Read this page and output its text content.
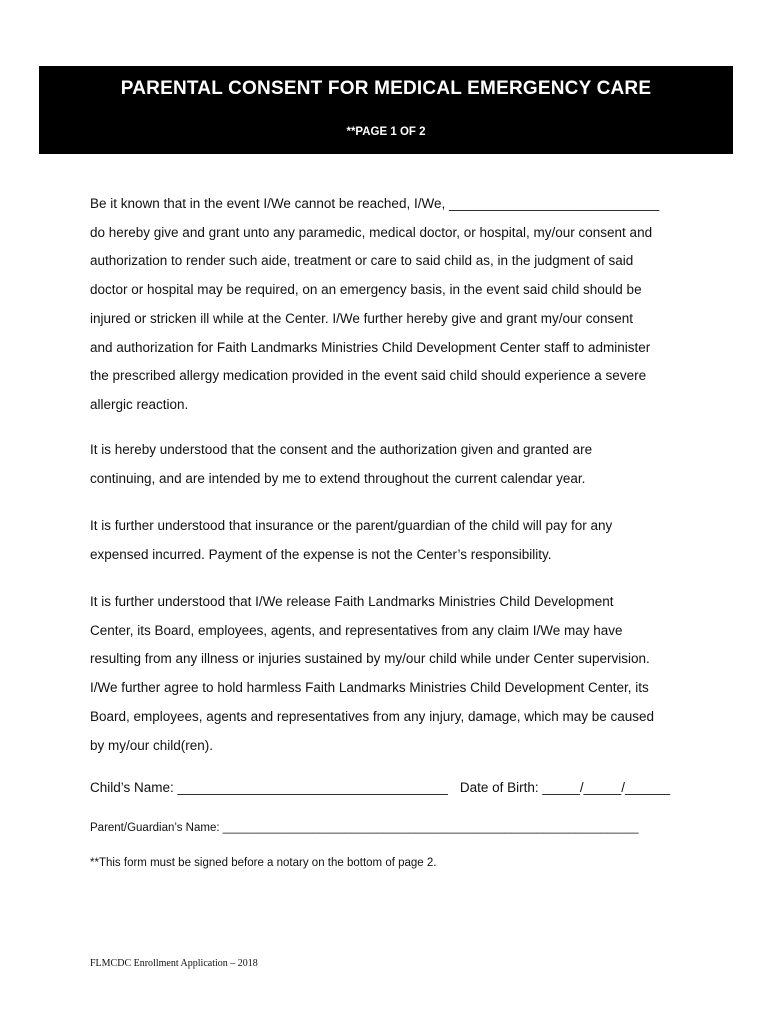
PARENTAL CONSENT FOR MEDICAL EMERGENCY CARE
**PAGE 1 OF 2
Be it known that in the event I/We cannot be reached, I/We, ____________________________
do hereby give and grant unto any paramedic, medical doctor, or hospital, my/our consent and
authorization to render such aide, treatment or care to said child as, in the judgment of said
doctor or hospital may be required, on an emergency basis, in the event said child should be
injured or stricken ill while at the Center. I/We further hereby give and grant my/our consent
and authorization for Faith Landmarks Ministries Child Development Center staff to administer
the prescribed allergy medication provided in the event said child should experience a severe
allergic reaction.
It is hereby understood that the consent and the authorization given and granted are
continuing, and are intended by me to extend throughout the current calendar year.
It is further understood that insurance or the parent/guardian of the child will pay for any
expensed incurred. Payment of the expense is not the Center’s responsibility.
It is further understood that I/We release Faith Landmarks Ministries Child Development
Center, its Board, employees, agents, and representatives from any claim I/We may have
resulting from any illness or injuries sustained by my/our child while under Center supervision.
I/We further agree to hold harmless Faith Landmarks Ministries Child Development Center, its
Board, employees, agents and representatives from any injury, damage, which may be caused
by my/our child(ren).
Child’s Name: ____________________________________ Date of Birth: _____/_____/______
Parent/Guardian’s Name: _________________________________________________________________
**This form must be signed before a notary on the bottom of page 2.
FLMCDC Enrollment Application – 2018
